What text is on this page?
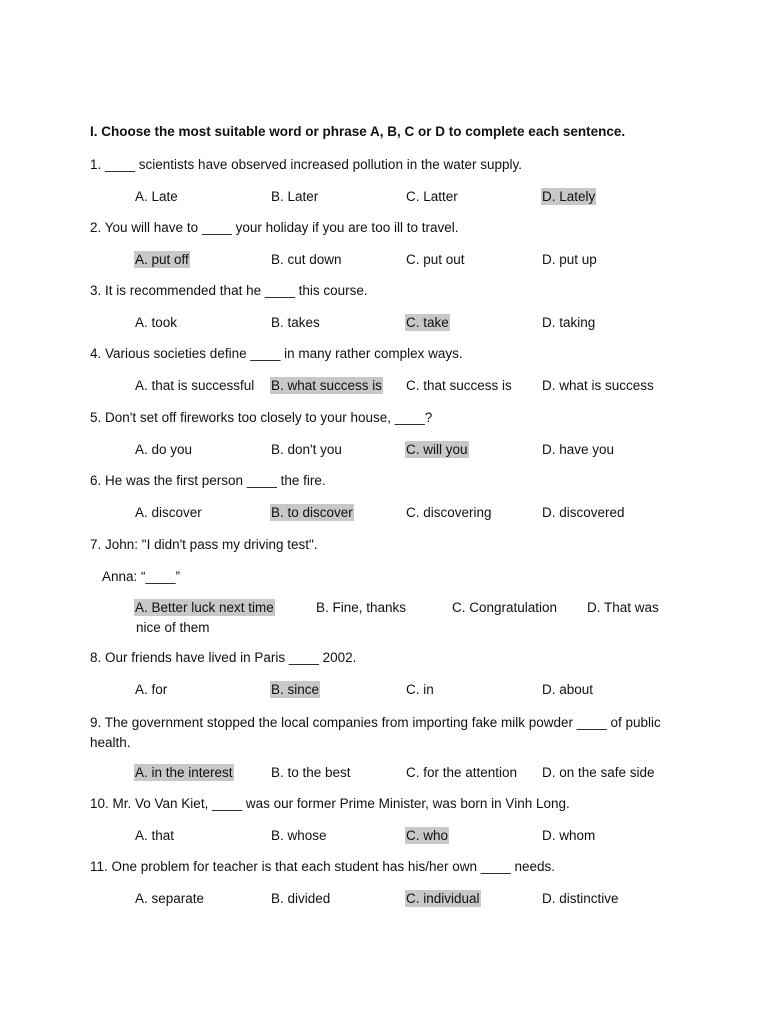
I. Choose the most suitable word or phrase A, B, C or D to complete each sentence.
1. ____ scientists have observed increased pollution in the water supply.
A. Late	B. Later	C. Latter	D. Lately
2. You will have to ____ your holiday if you are too ill to travel.
A. put off	B. cut down	C. put out	D. put up
3. It is recommended that he ____ this course.
A. took	B. takes	C. take	D. taking
4. Various societies define ____ in many rather complex ways.
A. that is successful B. what success is C. that success is D. what is success
5. Don't set off fireworks too closely to your house, ____?
A. do you	B. don't you	C. will you	D. have you
6. He was the first person ____ the fire.
A. discover	B. to discover	C. discovering	D. discovered
7. John: "I didn't pass my driving test".
Anna: “____”
A. Better luck next time	B. Fine, thanks	C. Congratulation D. That was
nice of them
8. Our friends have lived in Paris ____ 2002.
A. for	B. since	C. in	D. about
9. The government stopped the local companies from importing fake milk powder ____ of public health.
A. in the interest	B. to the best	C. for the attention D. on the safe side
10. Mr. Vo Van Kiet, ____ was our former Prime Minister, was born in Vinh Long.
A. that	B. whose	C. who	D. whom
11. One problem for teacher is that each student has his/her own ____ needs.
A. separate	B. divided	C. individual	D. distinctive
